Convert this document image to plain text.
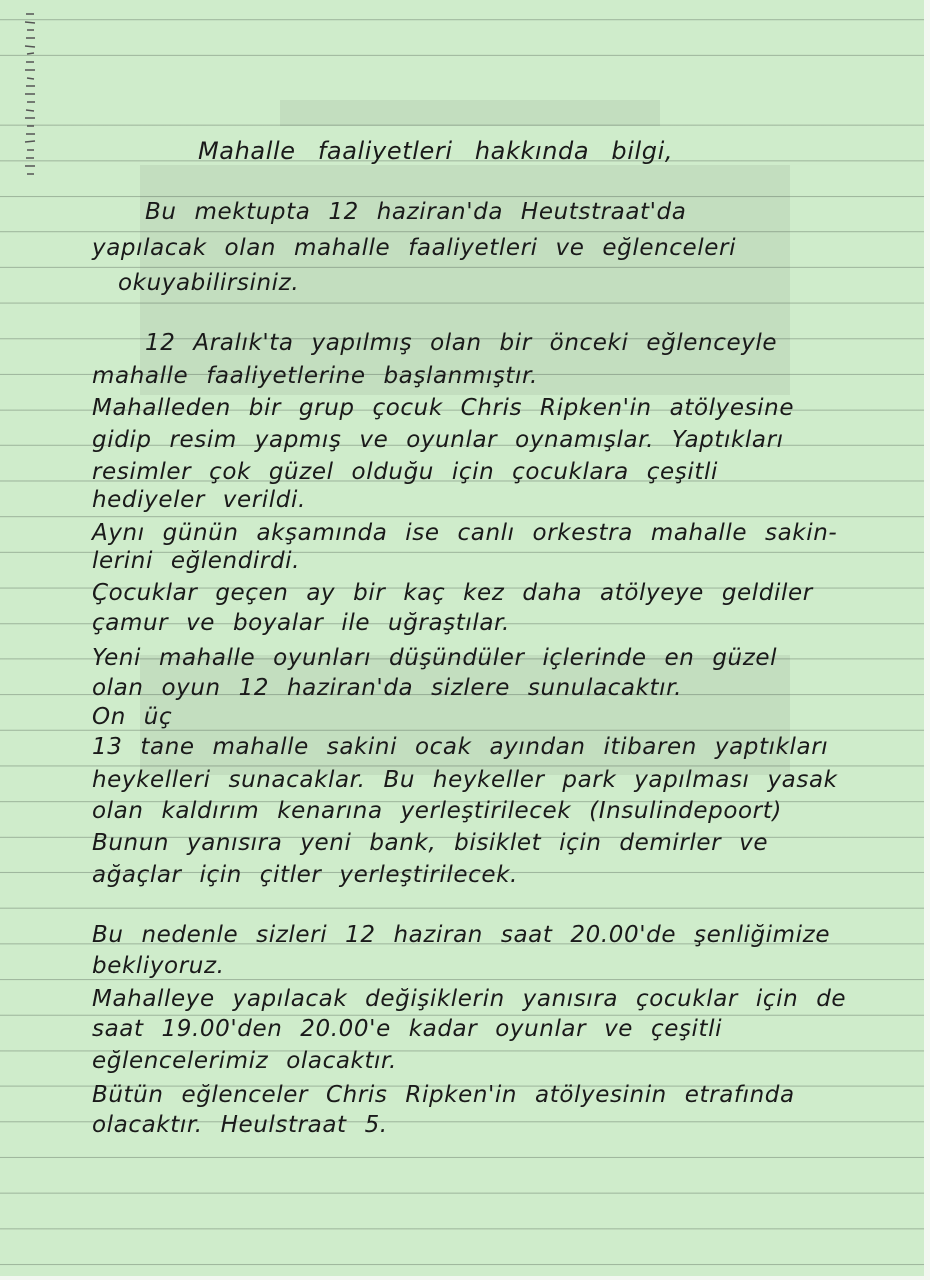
Mahalle faaliyetleri hakkında bilgi,
Bu mektupta 12 haziran'da Heutstraat'da
yapılacak olan mahalle faaliyetleri ve eğlenceleri
okuyabilirsiniz.
12 Aralık'ta yapılmış olan bir önceki eğlenceyle
mahalle faaliyetlerine başlanmıştır.
Mahalleden bir grup çocuk Chris Ripken'in atölyesine
gidip resim yapmış ve oyunlar oynamışlar. Yaptıkları
resimler çok güzel olduğu için çocuklara çeşitli
hediyeler verildi.
Aynı günün akşamında ise canlı orkestra mahalle sakin-
lerini eğlendirdi.
Çocuklar geçen ay bir kaç kez daha atölyeye geldiler
çamur ve boyalar ile uğraştılar.
Yeni mahalle oyunları düşündüler içlerinde en güzel
olan oyun 12 haziran'da sizlere sunulacaktır.
On üç
13 tane mahalle sakini ocak ayından itibaren yaptıkları
heykelleri sunacaklar. Bu heykeller park yapılması yasak
olan kaldırım kenarına yerleştirilecek (Insulindepoort)
Bunun yanısıra yeni bank, bisiklet için demirler ve
ağaçlar için çitler yerleştirilecek.
Bu nedenle sizleri 12 haziran saat 20.00'de şenliğimize
bekliyoruz.
Mahalleye yapılacak değişiklerin yanısıra çocuklar için de
saat 19.00'den 20.00'e kadar oyunlar ve çeşitli
eğlencelerimiz olacaktır.
Bütün eğlenceler Chris Ripken'in atölyesinin etrafında
olacaktır. Heulstraat 5.
